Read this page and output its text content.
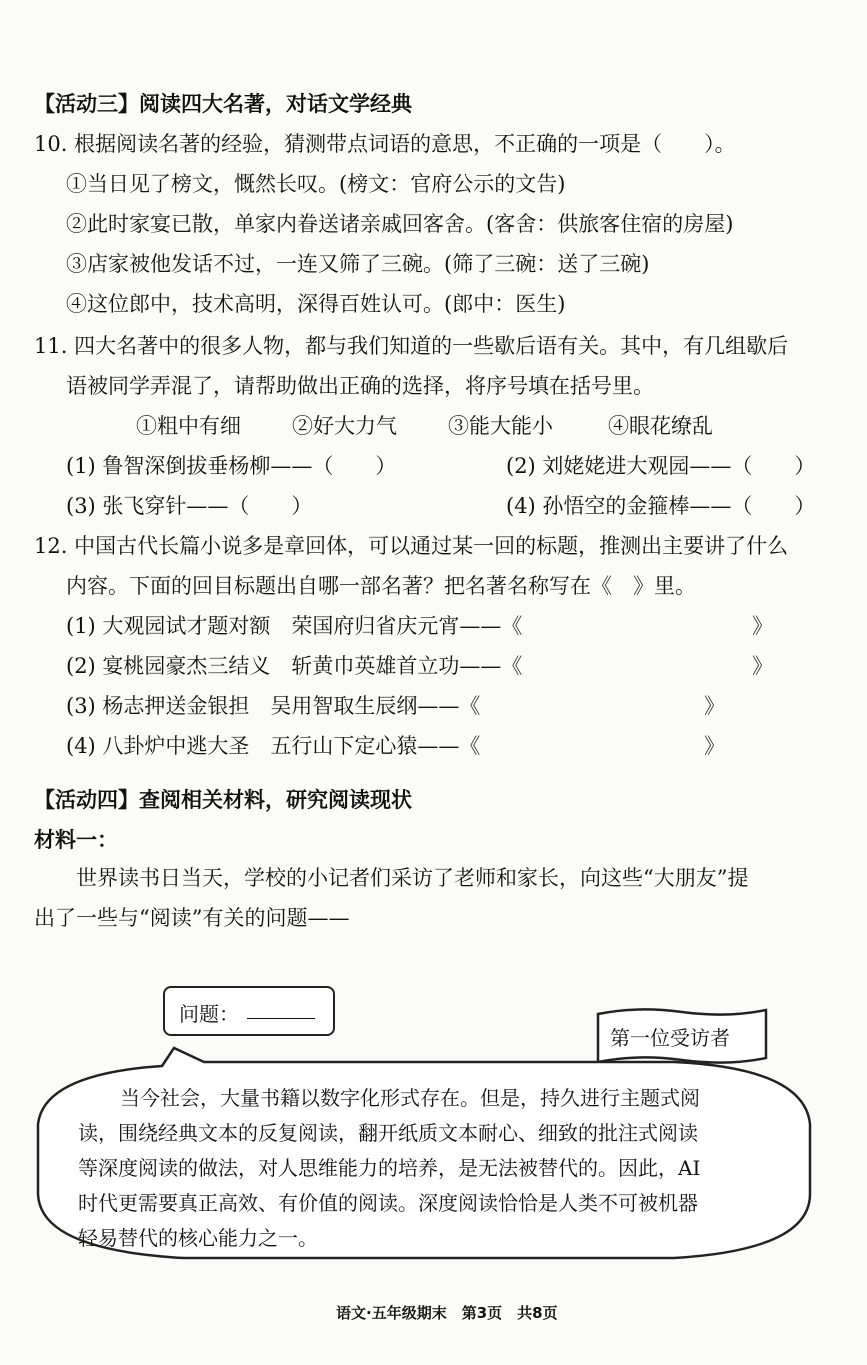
【活动三】阅读四大名著，对话文学经典
10. 根据阅读名著的经验，猜测带点词语的意思，不正确的一项是（　　）。
①当日见了榜文，慨然长叹。(榜文：官府公示的文告)
②此时家宴已散，单家内眷送诸亲戚回客舍。(客舍：供旅客住宿的房屋)
③店家被他发话不过，一连又筛了三碗。(筛了三碗：送了三碗)
④这位郎中，技术高明，深得百姓认可。(郎中：医生)
11. 四大名著中的很多人物，都与我们知道的一些歇后语有关。其中，有几组歇后
语被同学弄混了，请帮助做出正确的选择，将序号填在括号里。
①粗中有细 ②好大力气 ③能大能小	④眼花缭乱
(1) 鲁智深倒拔垂杨柳——（　　）	(2) 刘姥姥进大观园——（　　）
(3) 张飞穿针——（　　）	(4) 孙悟空的金箍棒——（　　）
12. 中国古代长篇小说多是章回体，可以通过某一回的标题，推测出主要讲了什么
内容。下面的回目标题出自哪一部名著？把名著名称写在《　》里。
(1) 大观园试才题对额　荣国府归省庆元宵——《	》
(2) 宴桃园豪杰三结义　斩黄巾英雄首立功——《	》
(3) 杨志押送金银担　吴用智取生辰纲——《	》
(4) 八卦炉中逃大圣　五行山下定心猿——《	》
【活动四】查阅相关材料，研究阅读现状
材料一：
世界读书日当天，学校的小记者们采访了老师和家长，向这些“大朋友”提
出了一些与“阅读”有关的问题——
问题：
第一位受访者
当今社会，大量书籍以数字化形式存在。但是，持久进行主题式阅
读，围绕经典文本的反复阅读，翻开纸质文本耐心、细致的批注式阅读
等深度阅读的做法，对人思维能力的培养，是无法被替代的。因此，AI
时代更需要真正高效、有价值的阅读。深度阅读恰恰是人类不可被机器
轻易替代的核心能力之一。
语文·五年级期末　第3页　共8页
